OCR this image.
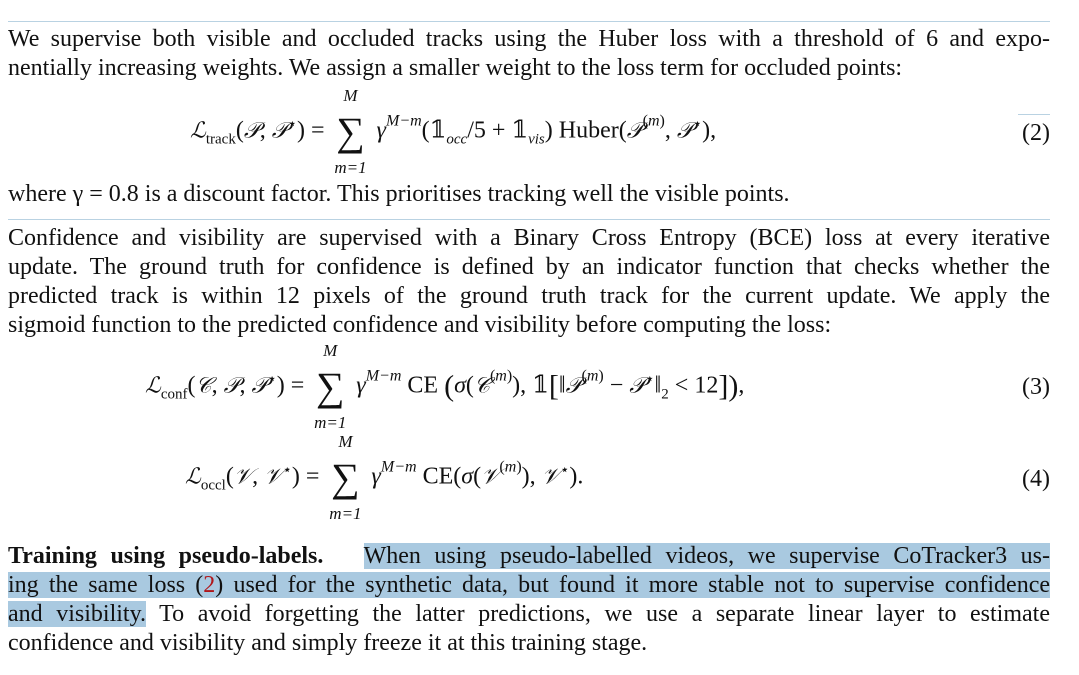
We supervise both visible and occluded tracks using the Huber loss with a threshold of 6 and expo-
nentially increasing weights. We assign a smaller weight to the loss term for occluded points:
ℒ$_{track}$(𝒫, 𝒫⋆) =
M
∑
m=1
$\gamma^{M-m}(𝟙_{occ}/5$ + $𝟙_{vis}$) Huber(𝒫$^{(m)}$, 𝒫⋆),	(2)
where γ = 0.8 is a discount factor. This prioritises tracking well the visible points.
Confidence and visibility are supervised with a Binary Cross Entropy (BCE) loss at every iterative
update. The ground truth for confidence is defined by an indicator function that checks whether the
predicted track is within 12 pixels of the ground truth track for the current update. We apply the
sigmoid function to the predicted confidence and visibility before computing the loss:
ℒ$_{conf}$(𝒞, 𝒫, 𝒫⋆) =
M
∑
m=1
$\gamma^{M-m}$ CE (σ(𝒞$^{(m)}$), 𝟙[‖𝒫$^{(m)}$ − $𝒫^⋆‖_2 < 12$]),	(3)
ℒ$_{occl}$(𝒱, 𝒱⋆) =
M
∑
m=1
$\gamma^{M-m}$ CE(σ(𝒱$^{(m)}$), 𝒱⋆).	(4)
Training using pseudo-labels. When using pseudo-labelled videos, we supervise CoTracker3 us-
ing the same loss (2) used for the synthetic data, but found it more stable not to supervise confidence
and visibility. To avoid forgetting the latter predictions, we use a separate linear layer to estimate
confidence and visibility and simply freeze it at this training stage.
